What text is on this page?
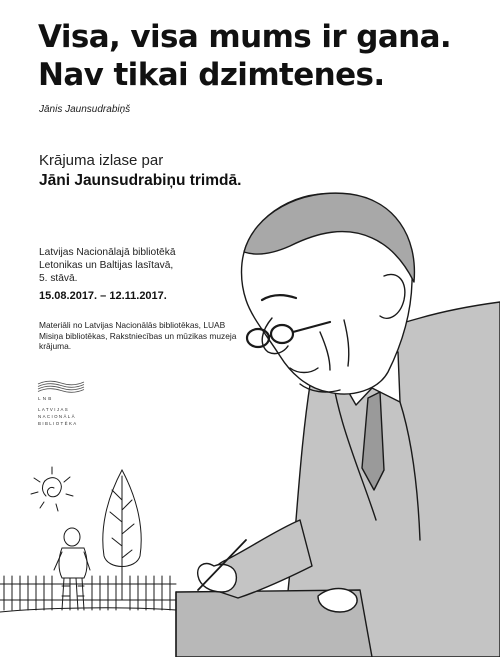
Visa, visa mums ir gana.
Nav tikai dzimtenes.
Jānis Jaunsudrabiņš
Krājuma izlase par
Jāni Jaunsudrabiņu trimdā.
Latvijas Nacionālajā bibliotēkā
Letonikas un Baltijas lasītavā,
5. stāvā.
15.08.2017. – 12.11.2017.
Materiāli no Latvijas Nacionālās bibliotēkas, LUAB Misiņa bibliotēkas, Rakstniecības un mūzikas muzeja krājuma.
LNB
LATVIJAS
NACIONĀLĀ
BIBLIOTĒKA
